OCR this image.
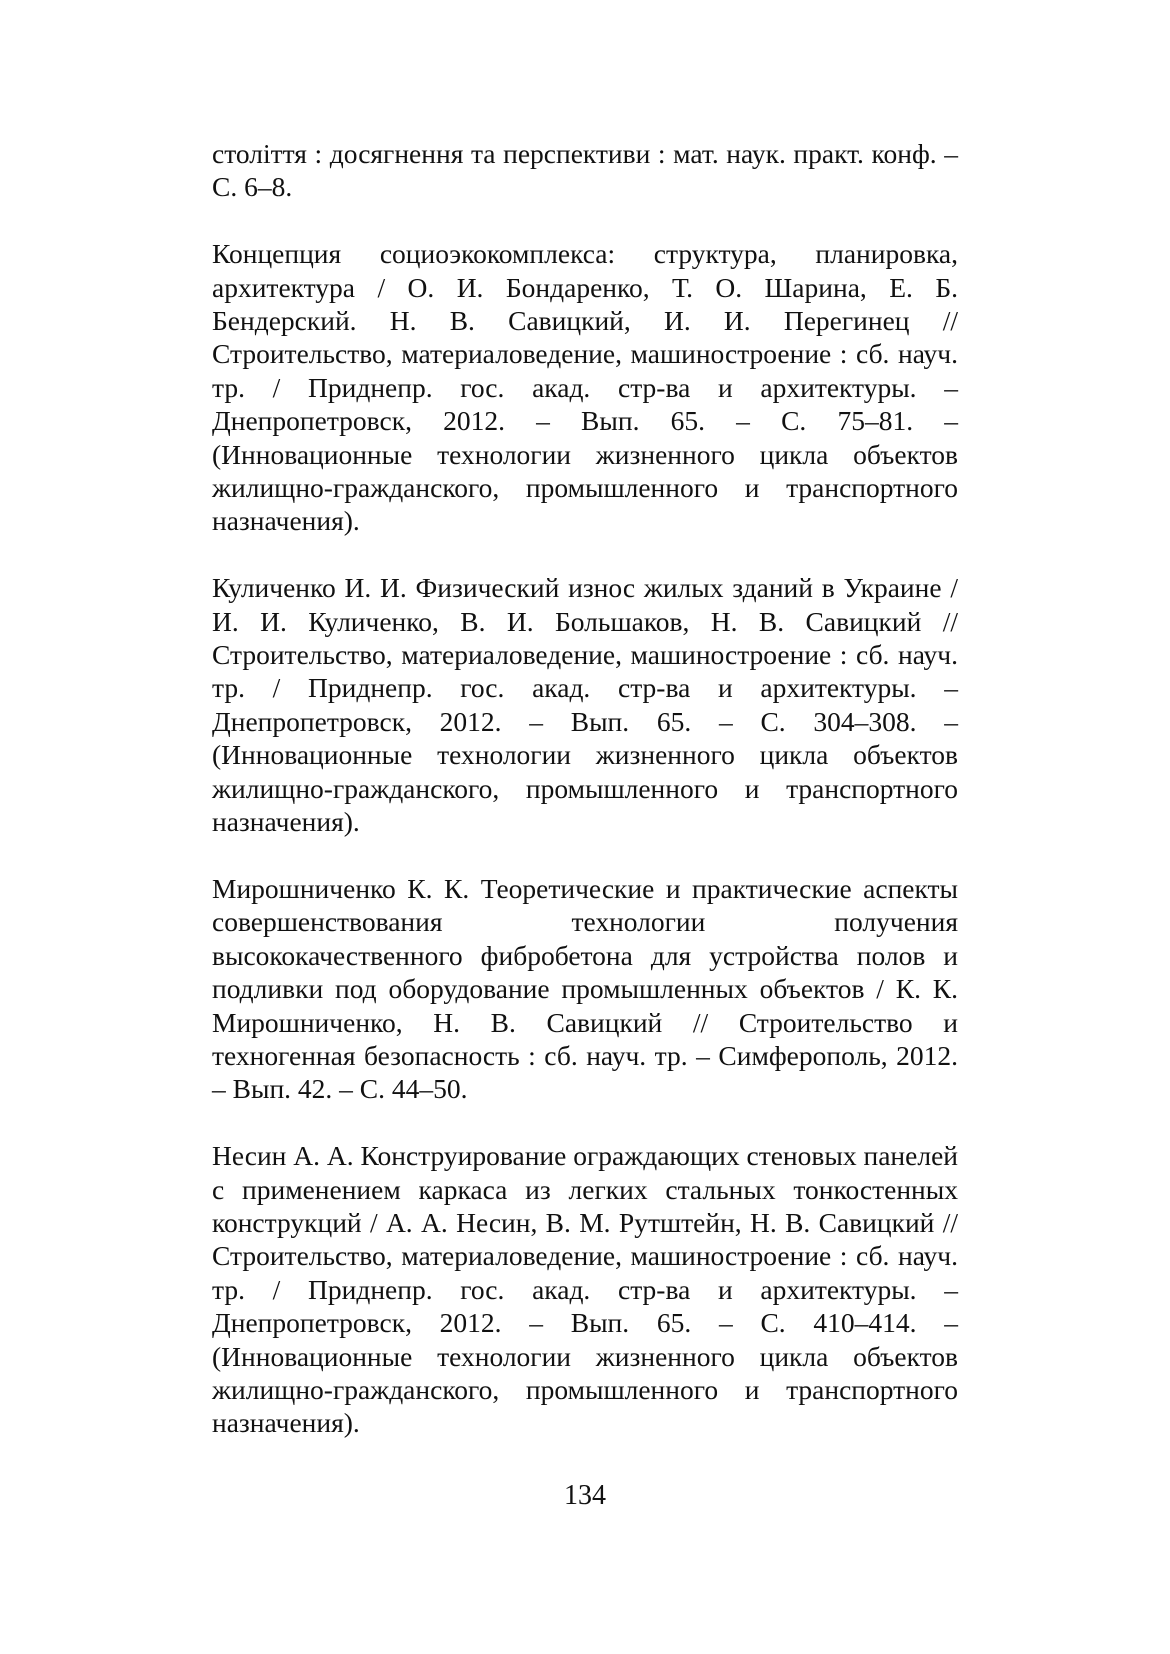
століття : досягнення та перспективи : мат. наук. практ. конф. – С. 6–8.

Концепция социоэкокомплекса: структура, планировка, архитектура / О. И. Бондаренко, Т. О. Шарина, Е. Б. Бендерский. Н. В. Савицкий, И. И. Перегинец // Строительство, материаловедение, машиностроение : сб. науч. тр. / Приднепр. гос. акад. стр-ва и архитектуры. – Днепропетровск, 2012. – Вып. 65. – С. 75–81. – (Инновационные технологии жизненного цикла объектов жилищно-гражданского, промышленного и транспортного назначения).

Куличенко И. И. Физический износ жилых зданий в Украине / И. И. Куличенко, В. И. Большаков, Н. В. Савицкий // Строительство, материаловедение, машиностроение : сб. науч. тр. / Приднепр. гос. акад. стр-ва и архитектуры. – Днепропетровск, 2012. – Вып. 65. – С. 304–308. – (Инновационные технологии жизненного цикла объектов жилищно-гражданского, промышленного и транспортного назначения).

Мирошниченко К. К. Теоретические и практические аспекты совершенствования технологии получения высококачественного фибробетона для устройства полов и подливки под оборудование промышленных объектов / К. К. Мирошниченко, Н. В. Савицкий // Строительство и техногенная безопасность : сб. науч. тр. – Симферополь, 2012. – Вып. 42. – С. 44–50.

Несин А. А. Конструирование ограждающих стеновых панелей с применением каркаса из легких стальных тонкостенных конструкций / А. А. Несин, В. М. Рутштейн, Н. В. Савицкий // Строительство, материаловедение, машиностроение : сб. науч. тр. / Приднепр. гос. акад. стр-ва и архитектуры. – Днепропетровск, 2012. – Вып. 65. – С. 410–414. – (Инновационные технологии жизненного цикла объектов жилищно-гражданского, промышленного и транспортного назначения).

134
